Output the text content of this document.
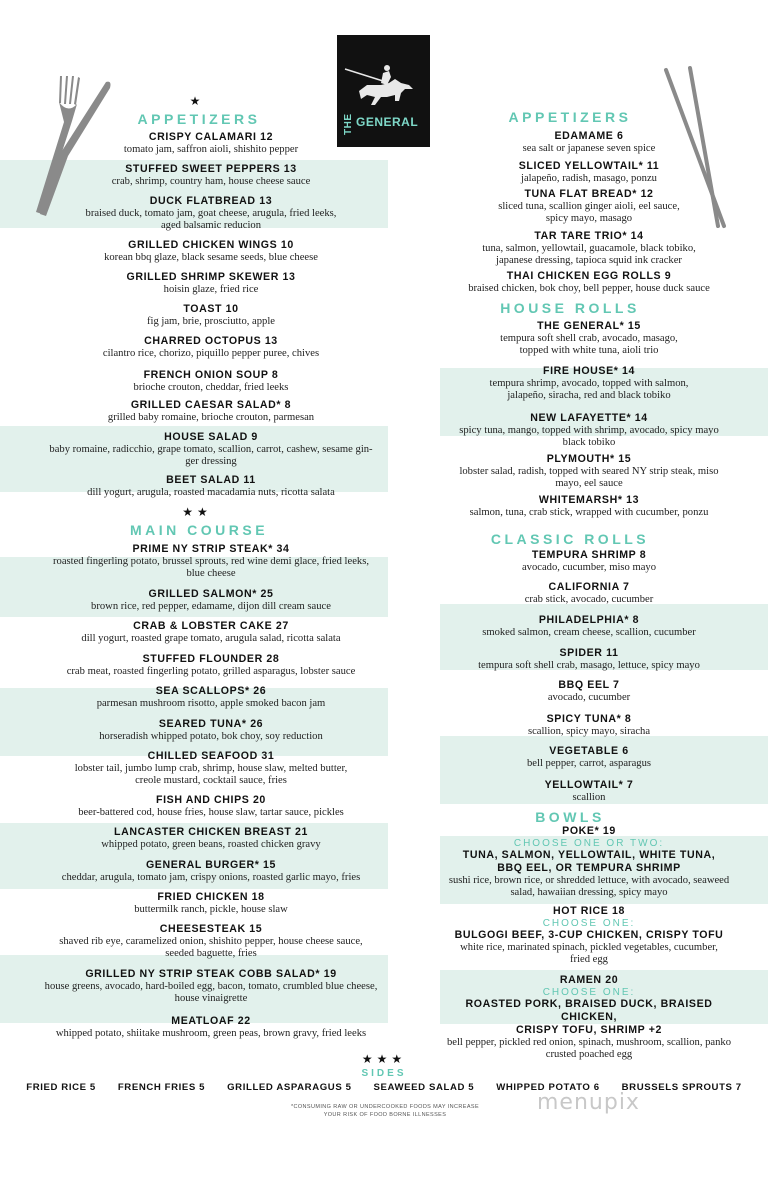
THE GENERAL
★
APPETIZERS
CRISPY CALAMARI 12
tomato jam, saffron aioli, shishito pepper
STUFFED SWEET PEPPERS 13
crab, shrimp, country ham, house cheese sauce
DUCK FLATBREAD 13
braised duck, tomato jam, goat cheese, arugula, fried leeks,
aged balsamic reducion
GRILLED CHICKEN WINGS 10
korean bbq glaze, black sesame seeds, blue cheese
GRILLED SHRIMP SKEWER 13
hoisin glaze, fried rice
TOAST 10
fig jam, brie, prosciutto, apple
CHARRED OCTOPUS 13
cilantro rice, chorizo, piquillo pepper puree, chives
FRENCH ONION SOUP 8
brioche crouton, cheddar, fried leeks
GRILLED CAESAR SALAD* 8
grilled baby romaine, brioche crouton, parmesan
HOUSE SALAD 9
baby romaine, radicchio, grape tomato, scallion, carrot, cashew, sesame gin-
ger dressing
BEET SALAD 11
dill yogurt, arugula, roasted macadamia nuts, ricotta salata
★★
MAIN COURSE
PRIME NY STRIP STEAK* 34
roasted fingerling potato, brussel sprouts, red wine demi glace, fried leeks,
blue cheese
GRILLED SALMON* 25
brown rice, red pepper, edamame, dijon dill cream sauce
CRAB & LOBSTER CAKE 27
dill yogurt, roasted grape tomato, arugula salad, ricotta salata
STUFFED FLOUNDER 28
crab meat, roasted fingerling potato, grilled asparagus, lobster sauce
SEA SCALLOPS* 26
parmesan mushroom risotto, apple smoked bacon jam
SEARED TUNA* 26
horseradish whipped potato, bok choy, soy reduction
CHILLED SEAFOOD 31
lobster tail, jumbo lump crab, shrimp, house slaw, melted butter,
creole mustard, cocktail sauce, fries
FISH AND CHIPS 20
beer-battered cod, house fries, house slaw, tartar sauce, pickles
LANCASTER CHICKEN BREAST 21
whipped potato, green beans, roasted chicken gravy
GENERAL BURGER* 15
cheddar, arugula, tomato jam, crispy onions, roasted garlic mayo, fries
FRIED CHICKEN 18
buttermilk ranch, pickle, house slaw
CHEESESTEAK 15
shaved rib eye, caramelized onion, shishito pepper, house cheese sauce,
seeded baguette, fries
GRILLED NY STRIP STEAK COBB SALAD* 19
house greens, avocado, hard-boiled egg, bacon, tomato, crumbled blue cheese,
house vinaigrette
MEATLOAF 22
whipped potato, shiitake mushroom, green peas, brown gravy, fried leeks
APPETIZERS
EDAMAME 6
sea salt or japanese seven spice
SLICED YELLOWTAIL* 11
jalapeño, radish, masago, ponzu
TUNA FLAT BREAD* 12
sliced tuna, scallion ginger aioli, eel sauce,
spicy mayo, masago
TAR TARE TRIO* 14
tuna, salmon, yellowtail, guacamole, black tobiko,
japanese dressing, tapioca squid ink cracker
THAI CHICKEN EGG ROLLS 9
braised chicken, bok choy, bell pepper, house duck sauce
HOUSE ROLLS
THE GENERAL* 15
tempura soft shell crab, avocado, masago,
topped with white tuna, aioli trio
FIRE HOUSE* 14
tempura shrimp, avocado, topped with salmon,
jalapeño, siracha, red and black tobiko
NEW LAFAYETTE* 14
spicy tuna, mango, topped with shrimp, avocado, spicy mayo
black tobiko
PLYMOUTH* 15
lobster salad, radish, topped with seared NY strip steak, miso
mayo, eel sauce
WHITEMARSH* 13
salmon, tuna, crab stick, wrapped with cucumber, ponzu
CLASSIC ROLLS
TEMPURA SHRIMP 8
avocado, cucumber, miso mayo
CALIFORNIA 7
crab stick, avocado, cucumber
PHILADELPHIA* 8
smoked salmon, cream cheese, scallion, cucumber
SPIDER 11
tempura soft shell crab, masago, lettuce, spicy mayo
BBQ EEL 7
avocado, cucumber
SPICY TUNA* 8
scallion, spicy mayo, siracha
VEGETABLE 6
bell pepper, carrot, asparagus
YELLOWTAIL* 7
scallion
BOWLS
POKE* 19
CHOOSE ONE OR TWO:
TUNA, SALMON, YELLOWTAIL, WHITE TUNA,
BBQ EEL, OR TEMPURA SHRIMP
sushi rice, brown rice, or shredded lettuce, with avocado, seaweed
salad, hawaiian dressing, spicy mayo
HOT RICE 18
CHOOSE ONE:
BULGOGI BEEF, 3-CUP CHICKEN, CRISPY TOFU
white rice, marinated spinach, pickled vegetables, cucumber,
fried egg
RAMEN 20
CHOOSE ONE:
ROASTED PORK, BRAISED DUCK, BRAISED CHICKEN,
CRISPY TOFU, SHRIMP +2
bell pepper, pickled red onion, spinach, mushroom, scallion, panko
crusted poached egg
★★★
SIDES
FRIED RICE 5 FRENCH FRIES 5 GRILLED ASPARAGUS 5 SEAWEED SALAD 5 WHIPPED POTATO 6 BRUSSELS SPROUTS 7
*CONSUMING RAW OR UNDERCOOKED FOODS MAY INCREASE
YOUR RISK OF FOOD BORNE ILLNESSES	menupix
